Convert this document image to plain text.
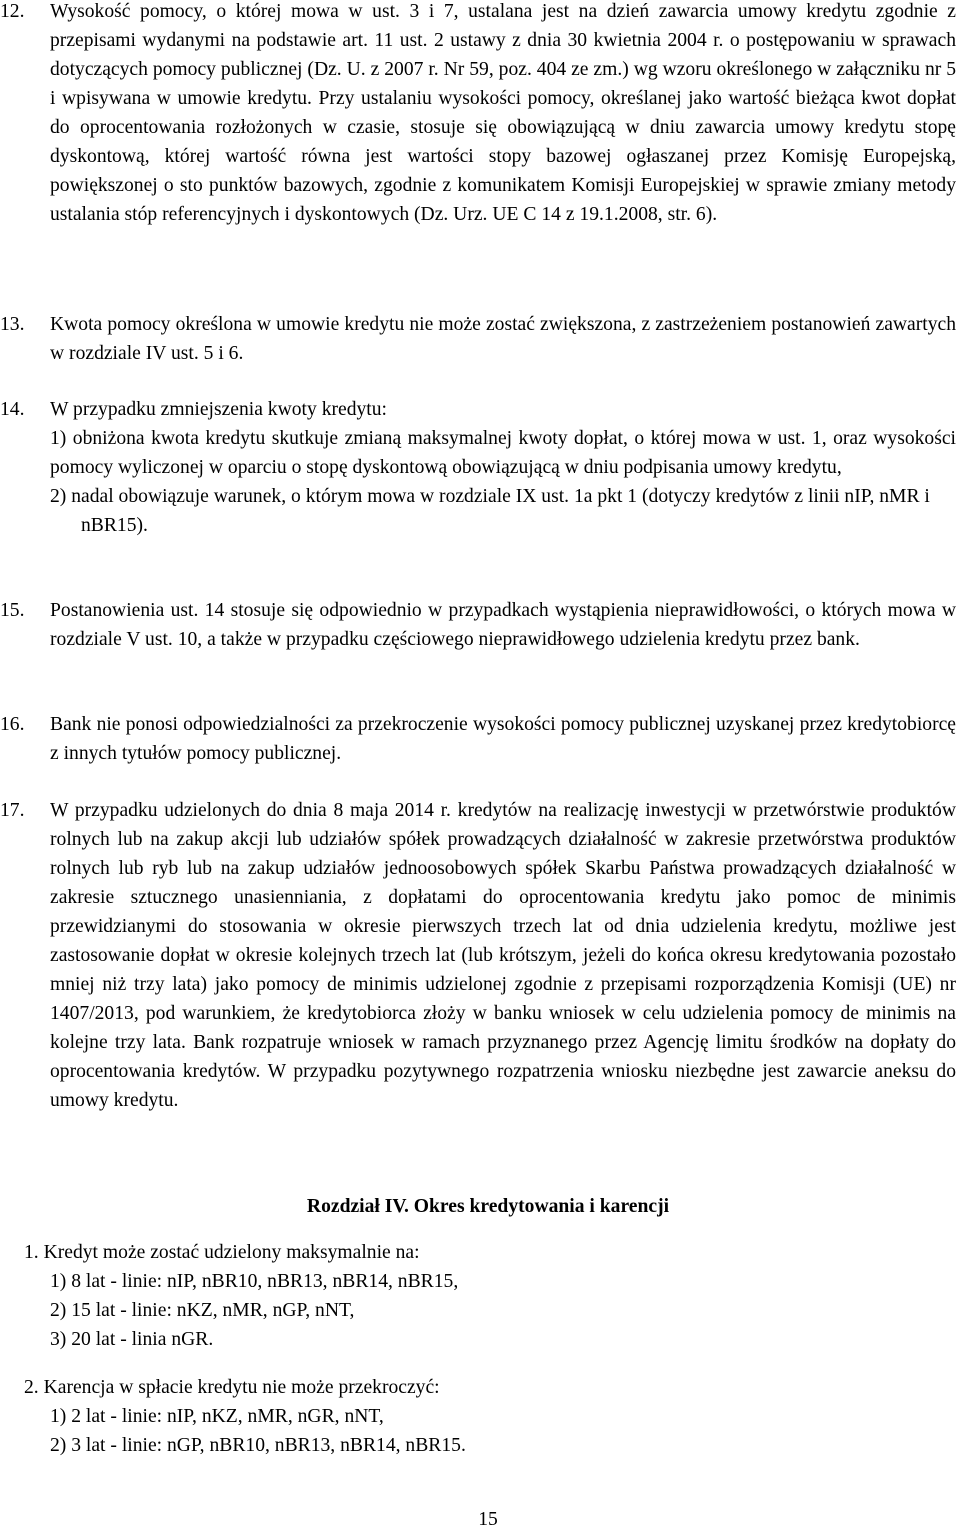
12. Wysokość pomocy, o której mowa w ust. 3 i 7, ustalana jest na dzień zawarcia umowy kredytu zgodnie z przepisami wydanymi na podstawie art. 11 ust. 2 ustawy z dnia 30 kwietnia 2004 r. o postępowaniu w sprawach dotyczących pomocy publicznej (Dz. U. z 2007 r. Nr 59, poz. 404 ze zm.) wg wzoru określonego w załączniku nr 5 i wpisywana w umowie kredytu. Przy ustalaniu wysokości pomocy, określanej jako wartość bieżąca kwot dopłat do oprocentowania rozłożonych w czasie, stosuje się obowiązującą w dniu zawarcia umowy kredytu stopę dyskontową, której wartość równa jest wartości stopy bazowej ogłaszanej przez Komisję Europejską, powiększonej o sto punktów bazowych, zgodnie z komunikatem Komisji Europejskiej w sprawie zmiany metody ustalania stóp referencyjnych i dyskontowych (Dz. Urz. UE C 14 z 19.1.2008, str. 6).
13. Kwota pomocy określona w umowie kredytu nie może zostać zwiększona, z zastrzeżeniem postanowień zawartych w rozdziale IV ust. 5 i 6.
14. W przypadku zmniejszenia kwoty kredytu:
1) obniżona kwota kredytu skutkuje zmianą maksymalnej kwoty dopłat, o której mowa w ust. 1, oraz wysokości pomocy wyliczonej w oparciu o stopę dyskontową obowiązującą w dniu podpisania umowy kredytu,
2) nadal obowiązuje warunek, o którym mowa w rozdziale IX ust. 1a pkt 1 (dotyczy kredytów z linii nIP, nMR i nBR15).
15. Postanowienia ust. 14 stosuje się odpowiednio w przypadkach wystąpienia nieprawidłowości, o których mowa w rozdziale V ust. 10, a także w przypadku częściowego nieprawidłowego udzielenia kredytu przez bank.
16. Bank nie ponosi odpowiedzialności za przekroczenie wysokości pomocy publicznej uzyskanej przez kredytobiorcę z innych tytułów pomocy publicznej.
17. W przypadku udzielonych do dnia 8 maja 2014 r. kredytów na realizację inwestycji w przetwórstwie produktów rolnych lub na zakup akcji lub udziałów spółek prowadzących działalność w zakresie przetwórstwa produktów rolnych lub ryb lub na zakup udziałów jednoosobowych spółek Skarbu Państwa prowadzących działalność w zakresie sztucznego unasienniania, z dopłatami do oprocentowania kredytu jako pomoc de minimis przewidzianymi do stosowania w okresie pierwszych trzech lat od dnia udzielenia kredytu, możliwe jest zastosowanie dopłat w okresie kolejnych trzech lat (lub krótszym, jeżeli do końca okresu kredytowania pozostało mniej niż trzy lata) jako pomocy de minimis udzielonej zgodnie z przepisami rozporządzenia Komisji (UE) nr 1407/2013, pod warunkiem, że kredytobiorca złoży w banku wniosek w celu udzielenia pomocy de minimis na kolejne trzy lata. Bank rozpatruje wniosek w ramach przyznanego przez Agencję limitu środków na dopłaty do oprocentowania kredytów. W przypadku pozytywnego rozpatrzenia wniosku niezbędne jest zawarcie aneksu do umowy kredytu.
Rozdział IV. Okres kredytowania i karencji
1. Kredyt może zostać udzielony maksymalnie na:
1) 8 lat - linie: nIP, nBR10, nBR13, nBR14, nBR15,
2) 15 lat - linie: nKZ, nMR, nGP, nNT,
3) 20 lat - linia nGR.
2. Karencja w spłacie kredytu nie może przekroczyć:
1) 2 lat - linie: nIP, nKZ, nMR, nGR, nNT,
2) 3 lat - linie: nGP, nBR10, nBR13, nBR14, nBR15.
15
